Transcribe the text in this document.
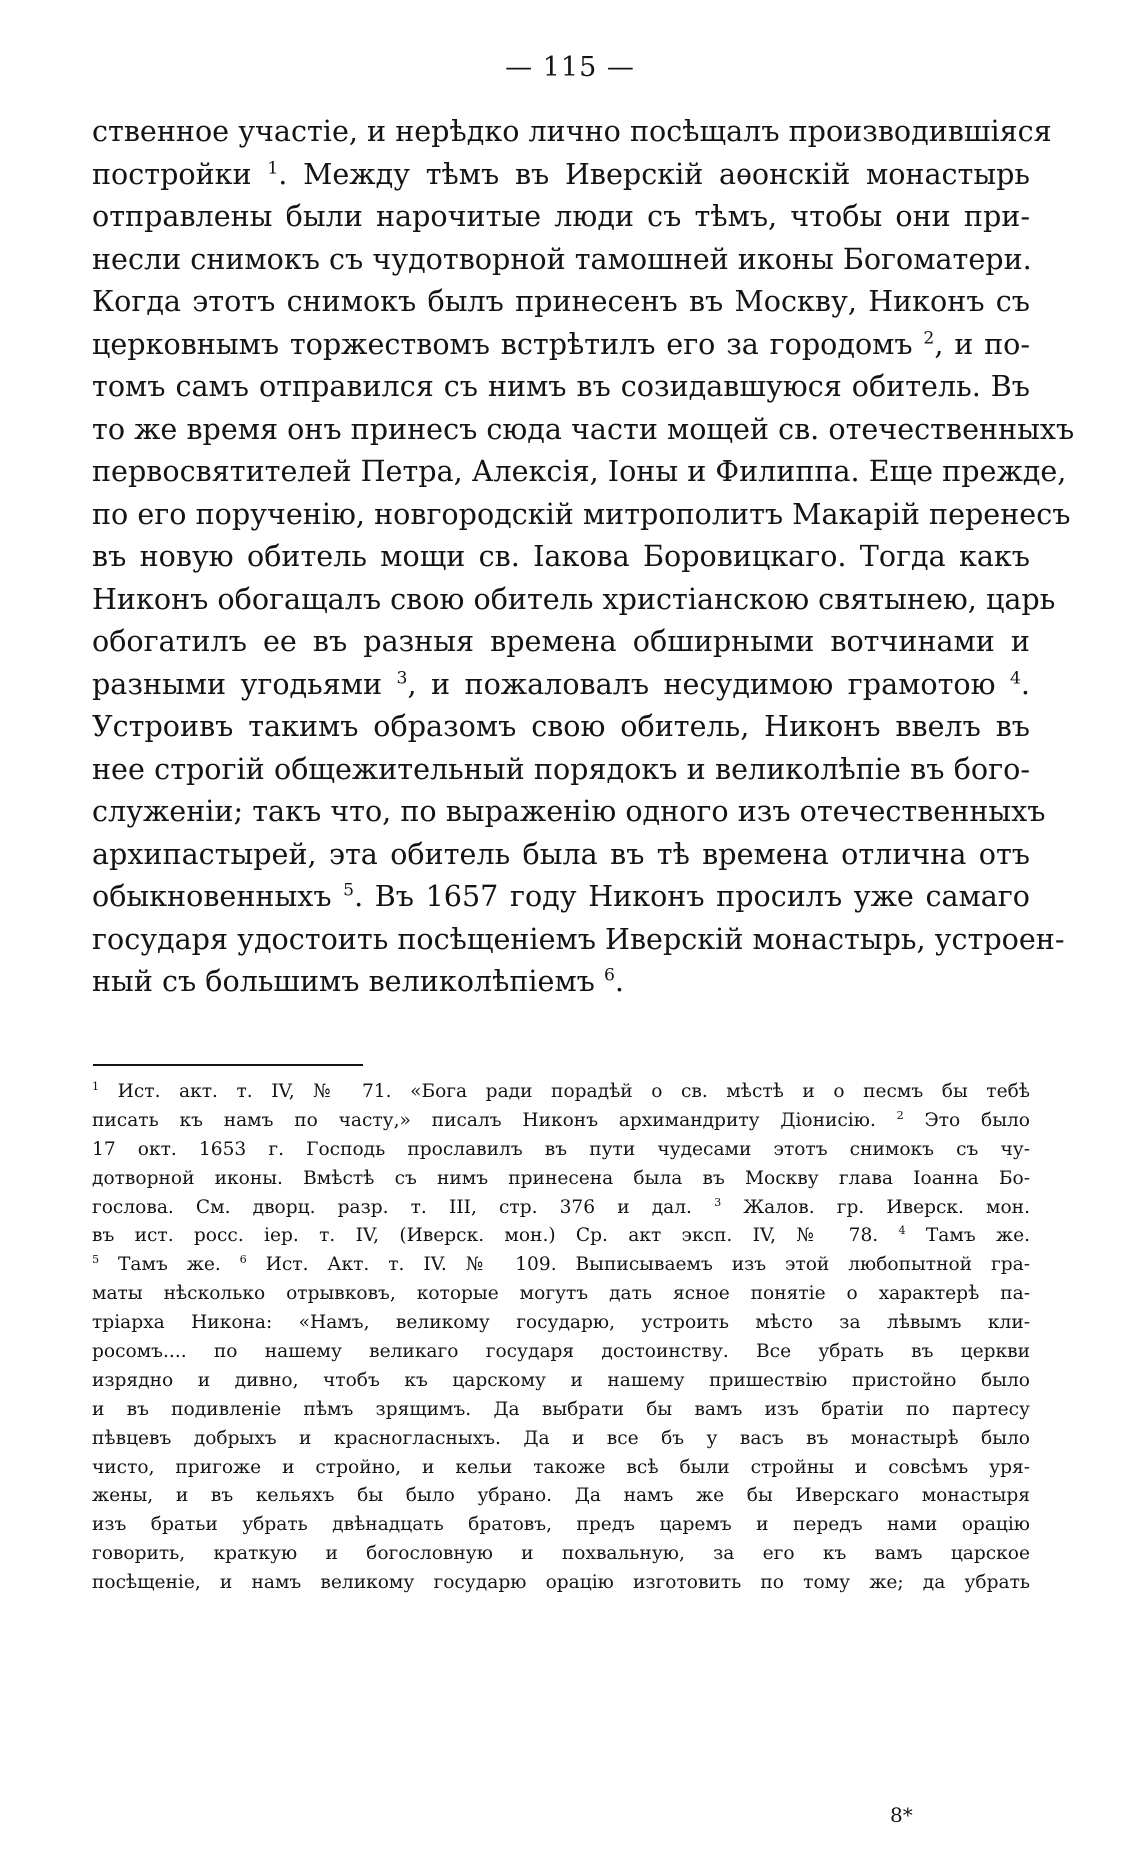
— 115 —
ственное участіе, и нерѣдко лично посѣщалъ производившіяся
постройки $^1$. Между тѣмъ въ Иверскій аѳонскій монастырь
отправлены были нарочитые люди съ тѣмъ, чтобы они при-
несли снимокъ съ чудотворной тамошней иконы Богоматери.
Когда этотъ снимокъ былъ принесенъ въ Москву, Никонъ съ
церковнымъ торжествомъ встрѣтилъ его за городомъ $^2$, и по-
томъ самъ отправился съ нимъ въ созидавшуюся обитель. Въ
то же время онъ принесъ сюда части мощей св. отечественныхъ
первосвятителей Петра, Алексія, Іоны и Филиппа. Еще прежде,
по его порученію, новгородскій митрополитъ Макарій перенесъ
въ новую обитель мощи св. Іакова Боровицкаго. Тогда какъ
Никонъ обогащалъ свою обитель христіанскою святынею, царь
обогатилъ ее въ разныя времена обширными вотчинами и
разными угодьями $^3$, и пожаловалъ несудимою грамотою $^4$.
Устроивъ такимъ образомъ свою обитель, Никонъ ввелъ въ
нее строгій общежительный порядокъ и великолѣпіе въ бого-
служеніи; такъ что, по выраженію одного изъ отечественныхъ
архипастырей, эта обитель была въ тѣ времена отлична отъ
обыкновенныхъ $^5$. Въ 1657 году Никонъ просилъ уже самаго
государя удостоить посѣщеніемъ Иверскій монастырь, устроен-
ный съ большимъ великолѣпіемъ $^6$.
$^1$ Ист. акт. т. IV, № 71. «Бога ради порадѣй о св. мѣстѣ и о песмъ бы тебѣ
писать къ намъ по часту,» писалъ Никонъ архимандриту Діонисію. $^2$ Это было
17 окт. 1653 г. Господь прославилъ въ пути чудесами этотъ снимокъ съ чу-
дотворной иконы. Вмѣстѣ съ нимъ принесена была въ Москву глава Іоанна Бо-
гослова. См. дворц. разр. т. III, стр. 376 и дал. $^3$ Жалов. гр. Иверск. мон.
въ ист. росс. іер. т. IV, (Иверск. мон.) Ср. акт эксп. IV, № 78. $^4$ Тамъ же.
$^5$ Тамъ же. $^6$ Ист. Акт. т. IV. № 109. Выписываемъ изъ этой любопытной гра-
маты нѣсколько отрывковъ, которые могутъ дать ясное понятіе о характерѣ па-
тріарха Никона: «Намъ, великому государю, устроить мѣсто за лѣвымъ кли-
росомъ.... по нашему великаго государя достоинству. Все убрать въ церкви
изрядно и дивно, чтобъ къ царскому и нашему пришествію пристойно было
и въ подивленіе пѣмъ зрящимъ. Да выбрати бы вамъ изъ братіи по партесу
пѣвцевъ добрыхъ и красногласныхъ. Да и все бъ у васъ въ монастырѣ было
чисто, пригоже и стройно, и кельи такоже всѣ были стройны и совсѣмъ уря-
жены, и въ кельяхъ бы было убрано. Да намъ же бы Иверскаго монастыря
изъ братьи убрать двѣнадцать братовъ, предъ царемъ и передъ нами орацію
говорить, краткую и богословную и похвальную, за его къ вамъ царское
посѣщеніе, и намъ великому государю орацію изготовить по тому же; да убрать
8*
